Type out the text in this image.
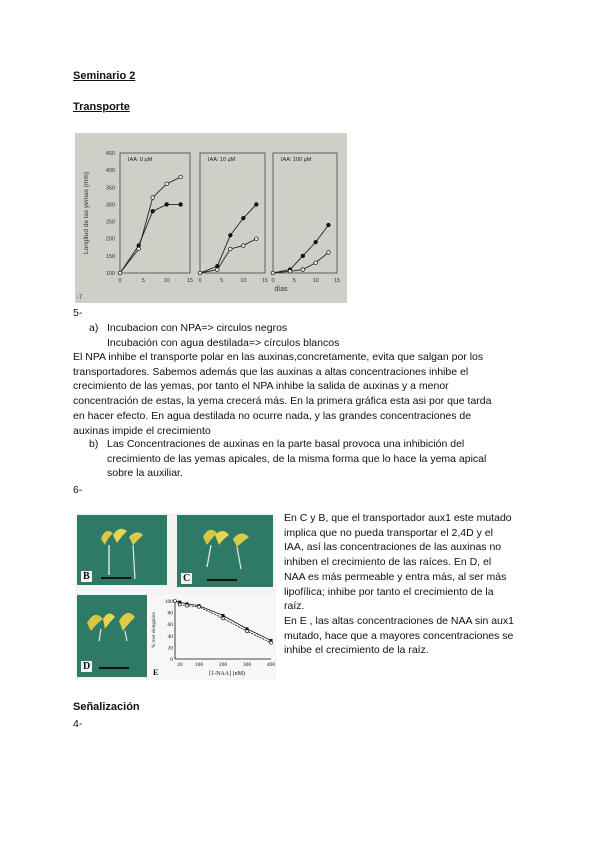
Seminario 2
Transporte
Longitud de las yemas (mm)
450
400
350
300
250
200
150
100
IAA: 0 µM
0	5	10	15
IAA: 10 µM
0	5	10	15
IAA: 100 µM
0	5	10	15
días
-7
5-
a) Incubacion con NPA=> circulos negros
Incubación con agua destilada=> círculos blancos
El NPA inhibe el transporte polar en las auxinas,concretamente, evita que salgan por los
transportadores. Sabemos además que las auxinas a altas concentraciones inhibe el
crecimiento de las yemas, por tanto el NPA inhibe la salida de auxinas y a menor
concentración de estas, la yema crecerá más. En la primera gráfica esta asi por que tarda
en hacer efecto. En agua destilada no ocurre nada, y las grandes concentraciones de
auxinas impide el crecimiento
b) Las Concentraciones de auxinas en la parte basal provoca una inhibición del
crecimiento de las yemas apicales, de la misma forma que lo hace la yema apical
sobre la auxiliar.
6-
B	C
D
100
80
60
40
20
0
20 100	200	300	400
% root elongation
[1-NAA] (nM)
E
En C y B, que el transportador aux1 este mutado
implica que no pueda transportar el 2,4D y el
IAA, así las concentraciones de las auxinas no
inhiben el crecimiento de las raíces. En D, el
NAA es más permeable y entra más, al ser más
lipofílica; inhibe por tanto el crecimiento de la
raíz.
En E , las altas concentraciones de NAA sin aux1
mutado, hace que a mayores concentraciones se
inhibe el crecimiento de la raíz.
Señalización
4-
